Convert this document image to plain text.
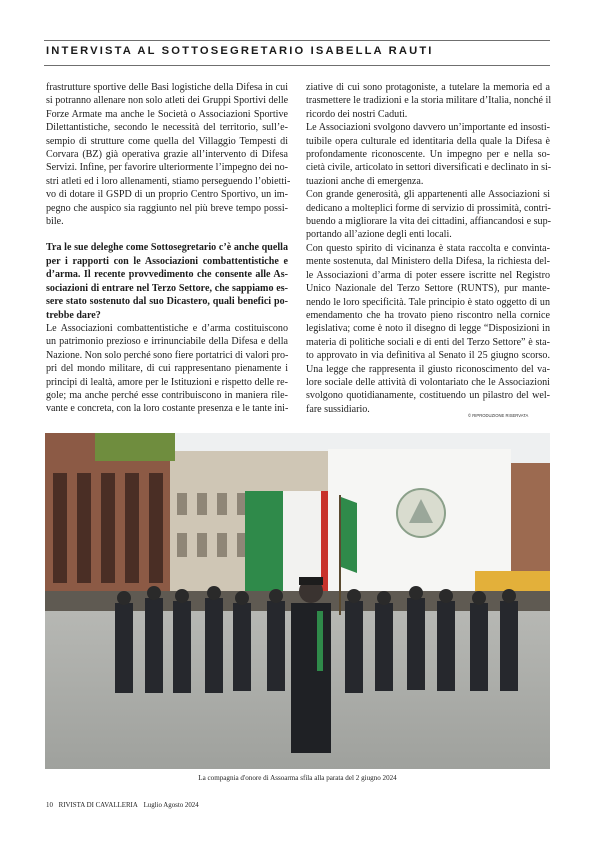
INTERVISTA AL SOTTOSEGRETARIO ISABELLA RAUTI

frastrutture sportive delle Basi logistiche della Difesa in cui
si potranno allenare non solo atleti dei Gruppi Sportivi delle
Forze Armate ma anche le Società o Associazioni Sportive
Dilettantistiche, secondo le necessità del territorio, sull’e-
sempio di strutture come quella del Villaggio Tempesti di
Corvara (BZ) già operativa grazie all’intervento di Difesa
Servizi. Infine, per favorire ulteriormente l’impegno dei no-
stri atleti ed i loro allenamenti, stiamo perseguendo l’obietti-
vo di dotare il GSPD di un proprio Centro Sportivo, un im-
pegno che auspico sia raggiunto nel più breve tempo possi-
bile.

Tra le sue deleghe come Sottosegretario c’è anche quella
per i rapporti con le Associazioni combattentistiche e
d’arma. Il recente provvedimento che consente alle As-
sociazioni di entrare nel Terzo Settore, che sappiamo es-
sere stato sostenuto dal suo Dicastero, quali benefici po-
trebbe dare?

Le Associazioni combattentistiche e d’arma costituiscono
un patrimonio prezioso e irrinunciabile della Difesa e della
Nazione. Non solo perché sono fiere portatrici di valori pro-
pri del mondo militare, di cui rappresentano pienamente i
principi di lealtà, amore per le Istituzioni e rispetto delle re-
gole; ma anche perché esse contribuiscono in maniera rile-
vante e concreta, con la loro costante presenza e le tante ini-

ziative di cui sono protagoniste, a tutelare la memoria ed a
trasmettere le tradizioni e la storia militare d’Italia, nonché il
ricordo dei nostri Caduti.

Le Associazioni svolgono davvero un’importante ed insosti-
tuibile opera culturale ed identitaria della quale la Difesa è
profondamente riconoscente. Un impegno per e nella so-
cietà civile, articolato in settori diversificati e declinato in si-
tuazioni anche di emergenza.

Con grande generosità, gli appartenenti alle Associazioni si
dedicano a molteplici forme di servizio di prossimità, contri-
buendo a migliorare la vita dei cittadini, affiancandosi e sup-
portando all’azione degli enti locali.

Con questo spirito di vicinanza è stata raccolta e convinta-
mente sostenuta, dal Ministero della Difesa, la richiesta del-
le Associazioni d’arma di poter essere iscritte nel Registro
Unico Nazionale del Terzo Settore (RUNTS), pur mante-
nendo le loro specificità. Tale principio è stato oggetto di un
emendamento che ha trovato pieno riscontro nella cornice
legislativa; come è noto il disegno di legge “Disposizioni in
materia di politiche sociali e di enti del Terzo Settore” è sta-
to approvato in via definitiva al Senato il 25 giugno scorso.
Una legge che rappresenta il giusto riconoscimento del va-
lore sociale delle attività di volontariato che le Associazioni
svolgono quotidianamente, costituendo un pilastro del wel-
fare sussidiario.

© RIPRODUZIONE RISERVATA
La compagnia d'onore di Assoarma sfila alla parata del 2 giugno 2024
10 RIVISTA DI CAVALLERIA Luglio Agosto 2024
